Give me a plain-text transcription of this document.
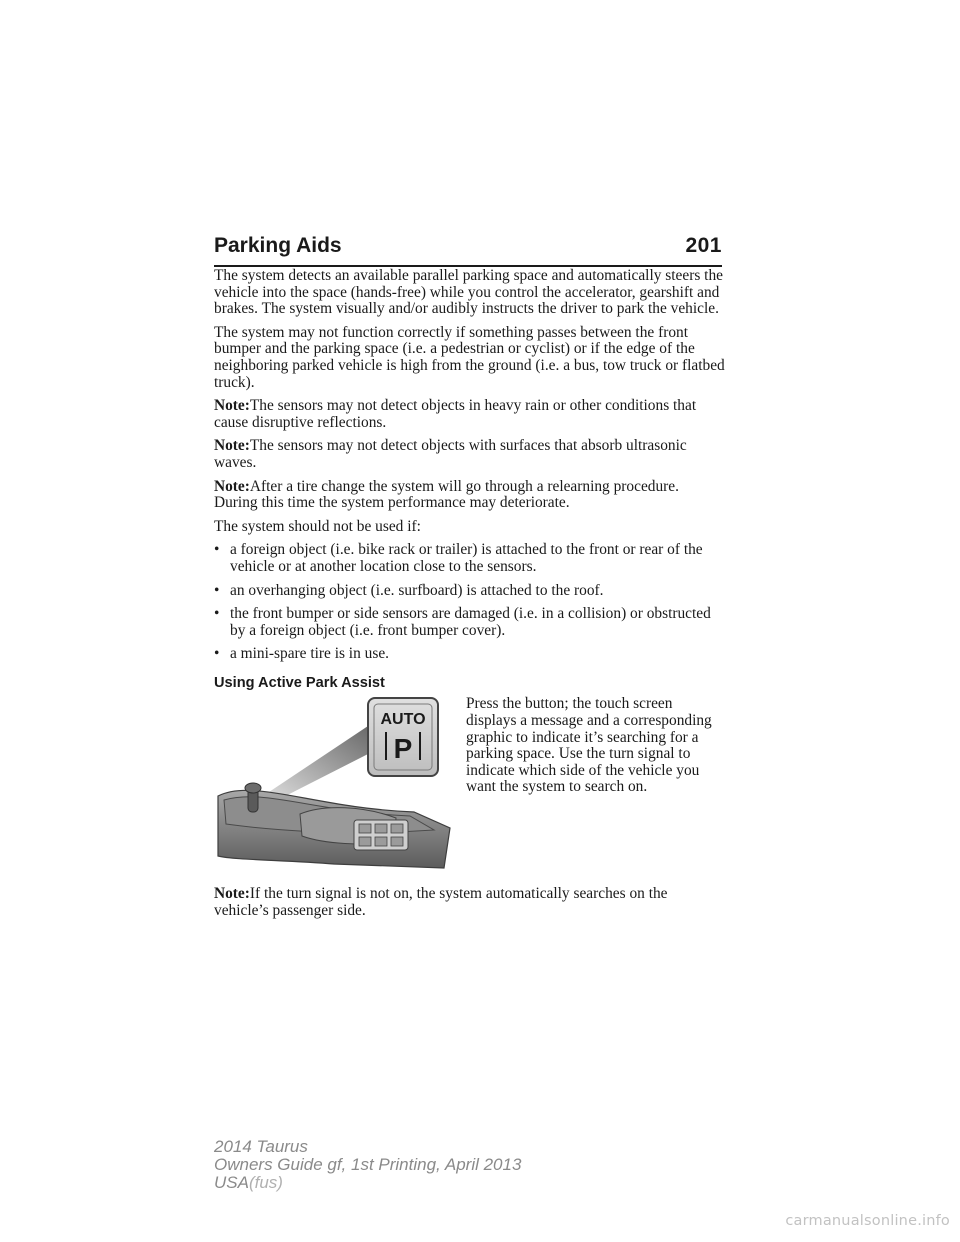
Parking Aids	201

The system detects an available parallel parking space and automatically steers the vehicle into the space (hands-free) while you control the accelerator, gearshift and brakes. The system visually and/or audibly instructs the driver to park the vehicle.

The system may not function correctly if something passes between the front bumper and the parking space (i.e. a pedestrian or cyclist) or if the edge of the neighboring parked vehicle is high from the ground (i.e. a bus, tow truck or flatbed truck).

Note:The sensors may not detect objects in heavy rain or other conditions that cause disruptive reflections.

Note:The sensors may not detect objects with surfaces that absorb ultrasonic waves.

Note:After a tire change the system will go through a relearning procedure. During this time the system performance may deteriorate.

The system should not be used if:

• a foreign object (i.e. bike rack or trailer) is attached to the front or rear of the vehicle or at another location close to the sensors.
• an overhanging object (i.e. surfboard) is attached to the roof.
• the front bumper or side sensors are damaged (i.e. in a collision) or obstructed by a foreign object (i.e. front bumper cover).
• a mini-spare tire is in use.
Using Active Park Assist
AUTO
P
Press the button; the touch screen displays a message and a corresponding graphic to indicate it’s searching for a parking space. Use the turn signal to indicate which side of the vehicle you want the system to search on.

Note:If the turn signal is not on, the system automatically searches on the vehicle’s passenger side.

2014 Taurus
Owners Guide gf, 1st Printing, April 2013
USA(fus)
carmanualsonline.info
